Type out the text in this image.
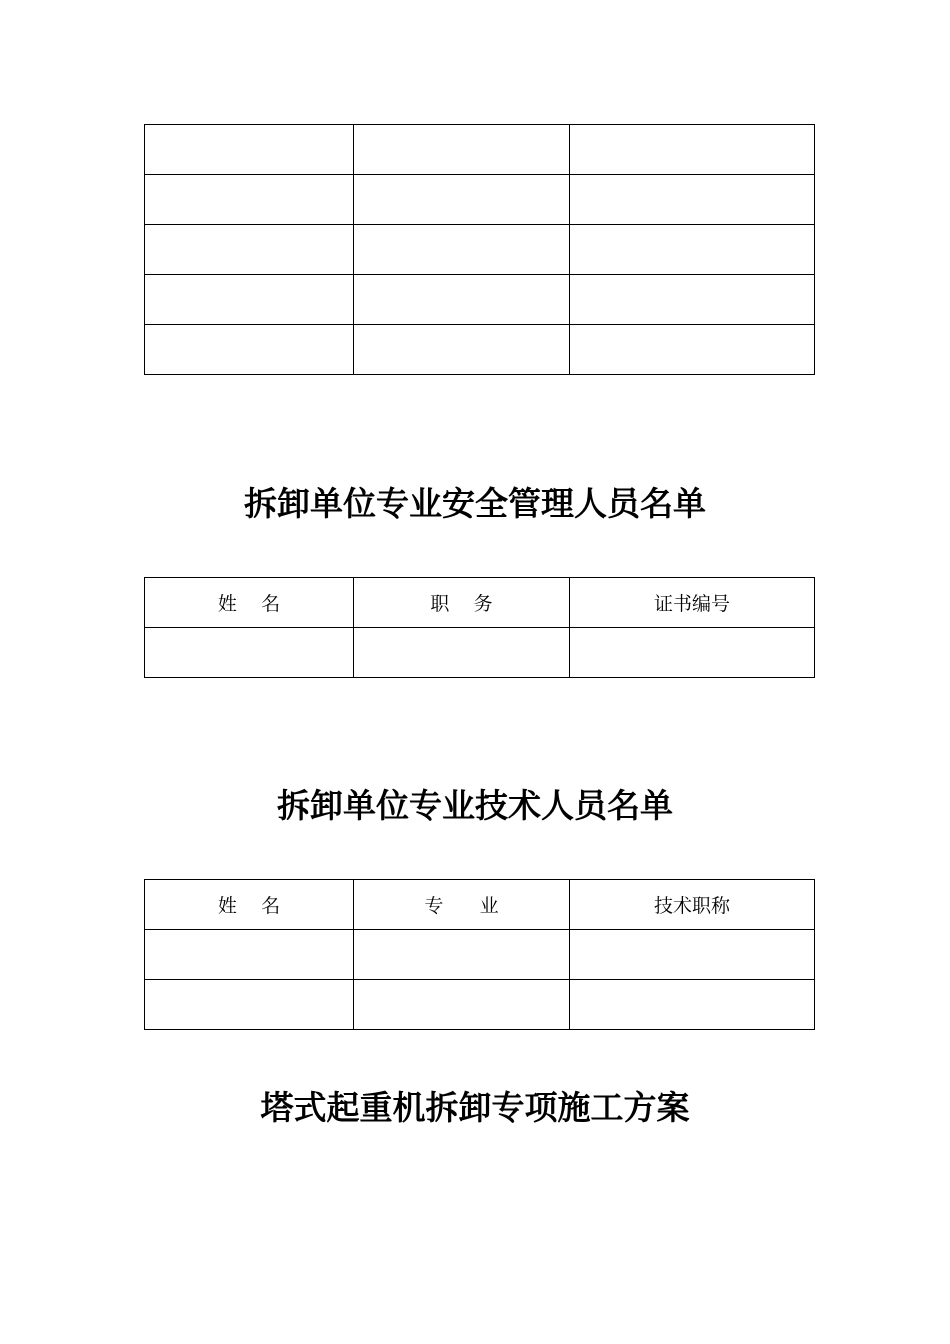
拆卸单位专业安全管理人员名单
姓    名	职    务	证书编号

拆卸单位专业技术人员名单
姓    名	专      业	技术职称

塔式起重机拆卸专项施工方案
